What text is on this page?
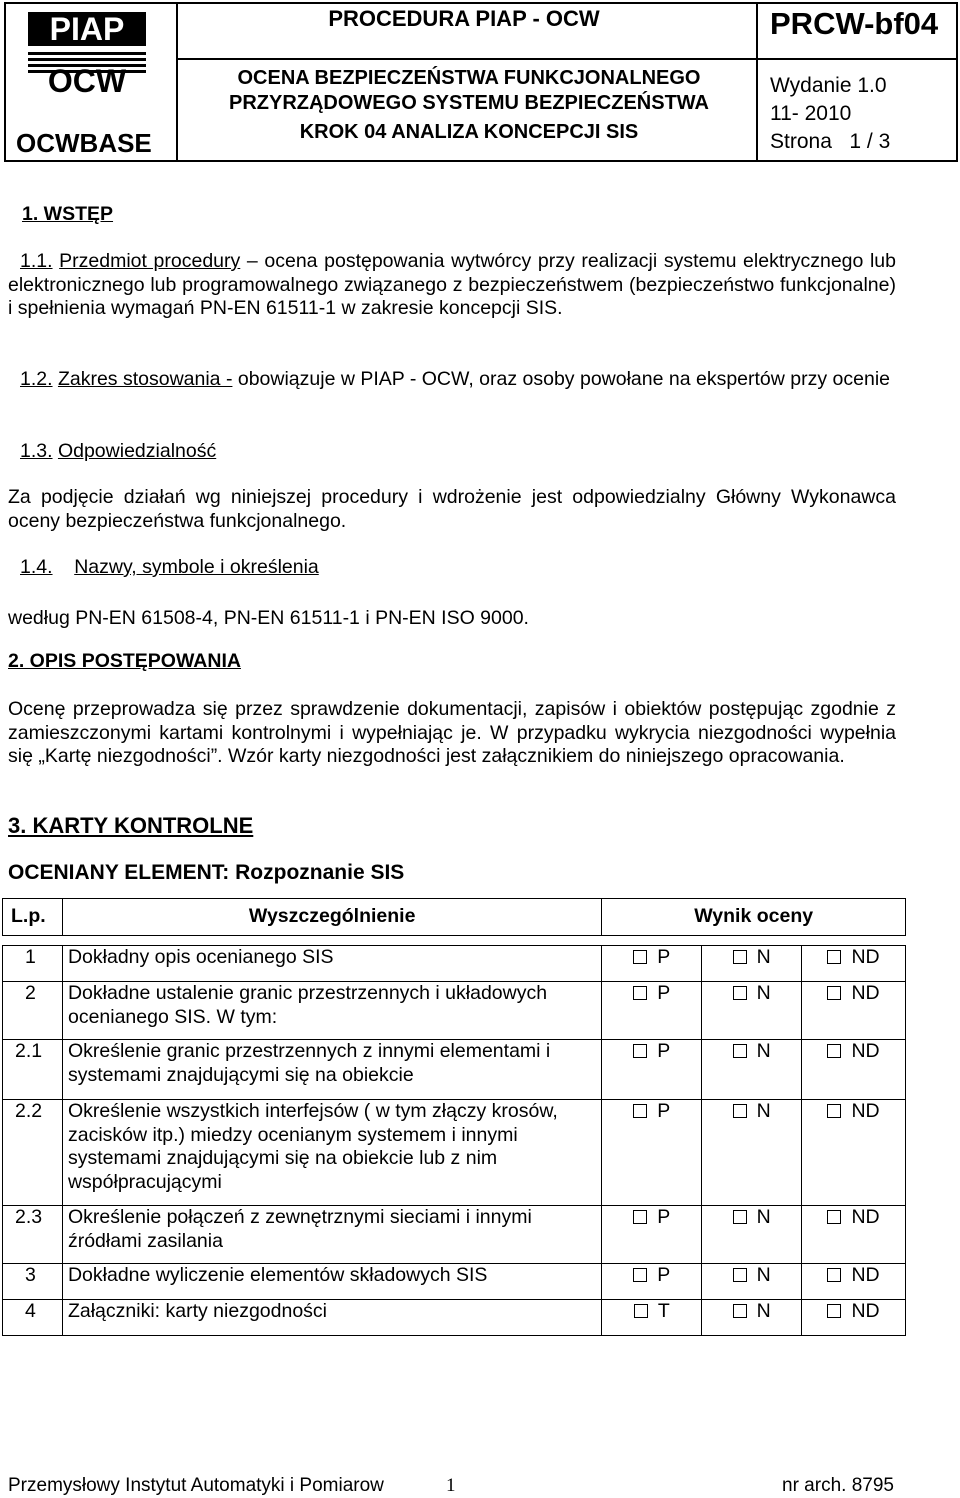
PIAP
OCW
OCWBASE
PROCEDURA PIAP - OCW
OCENA BEZPIECZEŃSTWA FUNKCJONALNEGO
PRZYRZĄDOWEGO SYSTEMU BEZPIECZEŃSTWA
KROK 04 ANALIZA KONCEPCJI SIS
PRCW-bf04
Wydanie 1.0
11- 2010
Strona 1 / 3
1. WSTĘP
1.1. Przedmiot procedury – ocena postępowania wytwórcy przy realizacji systemu elektrycznego lub elektronicznego lub programowalnego związanego z bezpieczeństwem (bezpieczeństwo funkcjonalne) i spełnienia wymagań PN-EN 61511-1 w zakresie koncepcji SIS.
1.2. Zakres stosowania - obowiązuje w PIAP - OCW, oraz osoby powołane na ekspertów przy ocenie
1.3. Odpowiedzialność
Za podjęcie działań wg niniejszej procedury i wdrożenie jest odpowiedzialny Główny Wykonawca oceny bezpieczeństwa funkcjonalnego.
1.4. Nazwy, symbole i określenia
według PN-EN 61508-4, PN-EN 61511-1 i PN-EN ISO 9000.
2. OPIS POSTĘPOWANIA
Ocenę przeprowadza się przez sprawdzenie dokumentacji, zapisów i obiektów postępując zgodnie z zamieszczonymi kartami kontrolnymi i wypełniając je. W przypadku wykrycia niezgodności wypełnia się „Kartę niezgodności”. Wzór karty niezgodności jest załącznikiem do niniejszego opracowania.
3. KARTY KONTROLNE
OCENIANY ELEMENT: Rozpoznanie SIS
L.p.	Wyszczególnienie	Wynik oceny		

1	Dokładny opis ocenianego SIS	P	N	ND
2	Dokładne ustalenie granic przestrzennych i układowych ocenianego SIS. W tym:	P	N	ND
2.1	Określenie granic przestrzennych z innymi elementami i systemami znajdującymi się na obiekcie	P	N	ND
2.2	Określenie wszystkich interfejsów ( w tym złączy krosów, zacisków itp.) miedzy ocenianym systemem i innymi systemami znajdującymi się na obiekcie lub z nim współpracującymi	P	N	ND
2.3	Określenie połączeń z zewnętrznymi sieciami i innymi źródłami zasilania	P	N	ND
3	Dokładne wyliczenie elementów składowych SIS	P	N	ND
4	Załączniki: karty niezgodności	T	N	ND
Przemysłowy Instytut Automatyki i Pomiarow	1	nr arch. 8795
